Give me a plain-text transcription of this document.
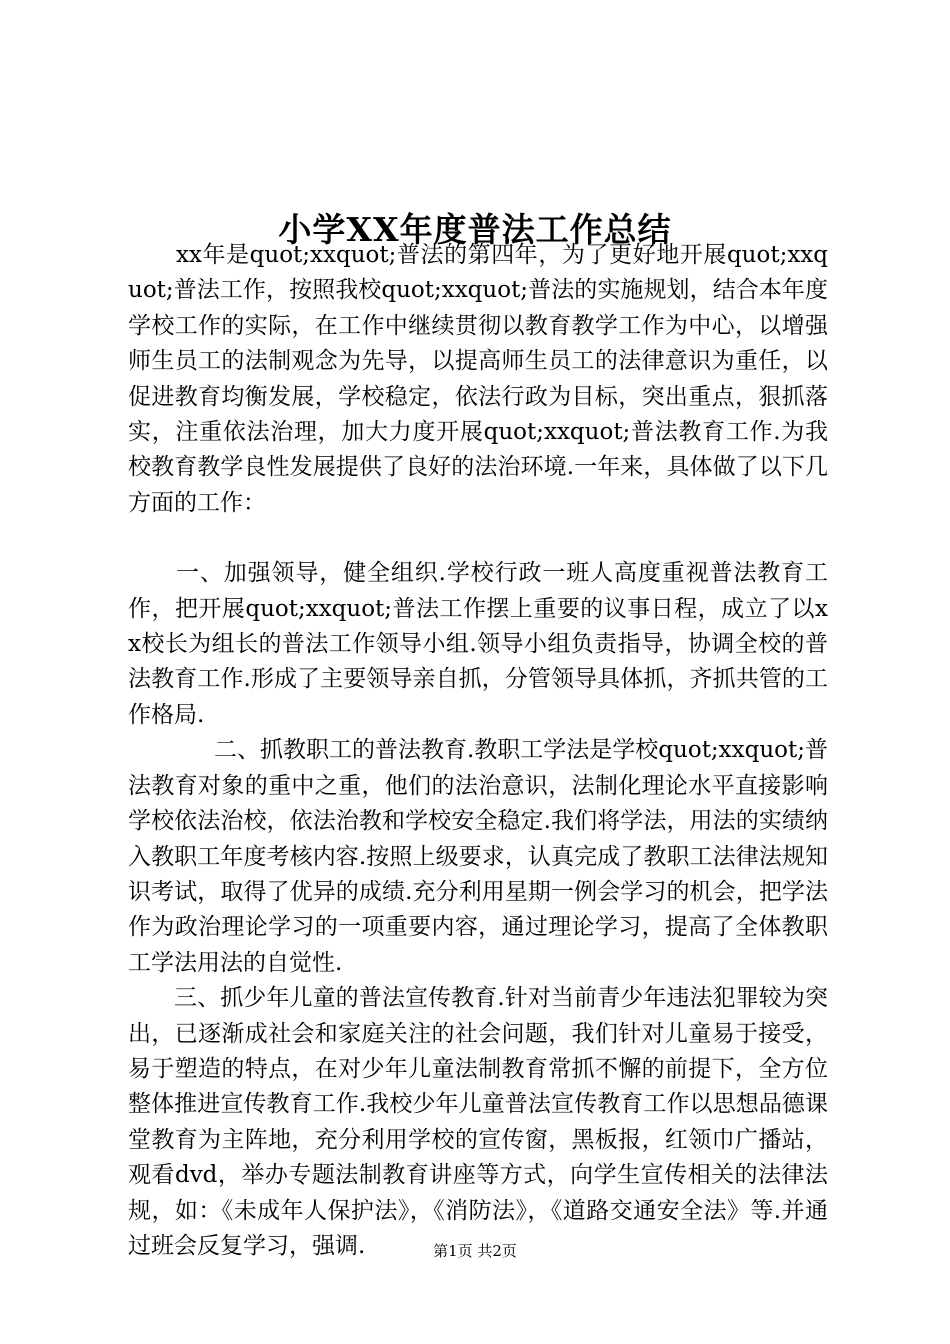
小学XX年度普法工作总结

xx年是quot;xxquot;普法的第四年，为了更好地开展quot;xxquot;普法工作，按照我校quot;xxquot;普法的实施规划，结合本年度学校工作的实际，在工作中继续贯彻以教育教学工作为中心，以增强师生员工的法制观念为先导，以提高师生员工的法律意识为重任，以促进教育均衡发展，学校稳定，依法行政为目标，突出重点，狠抓落实，注重依法治理，加大力度开展quot;xxquot;普法教育工作.为我校教育教学良性发展提供了良好的法治环境.一年来，具体做了以下几方面的工作：

一、加强领导，健全组织.学校行政一班人高度重视普法教育工作，把开展quot;xxquot;普法工作摆上重要的议事日程，成立了以xx校长为组长的普法工作领导小组.领导小组负责指导，协调全校的普法教育工作.形成了主要领导亲自抓，分管领导具体抓，齐抓共管的工作格局.

二、抓教职工的普法教育.教职工学法是学校quot;xxquot;普法教育对象的重中之重，他们的法治意识，法制化理论水平直接影响学校依法治校，依法治教和学校安全稳定.我们将学法，用法的实绩纳入教职工年度考核内容.按照上级要求，认真完成了教职工法律法规知识考试，取得了优异的成绩.充分利用星期一例会学习的机会，把学法作为政治理论学习的一项重要内容，通过理论学习，提高了全体教职工学法用法的自觉性.

三、抓少年儿童的普法宣传教育.针对当前青少年违法犯罪较为突出，已逐渐成社会和家庭关注的社会问题，我们针对儿童易于接受，易于塑造的特点，在对少年儿童法制教育常抓不懈的前提下，全方位整体推进宣传教育工作.我校少年儿童普法宣传教育工作以思想品德课堂教育为主阵地，充分利用学校的宣传窗，黑板报，红领巾广播站，观看dvd，举办专题法制教育讲座等方式，向学生宣传相关的法律法规，如：《未成年人保护法》，《消防法》，《道路交通安全法》等.并通过班会反复学习，强调.	第1页 共2页
